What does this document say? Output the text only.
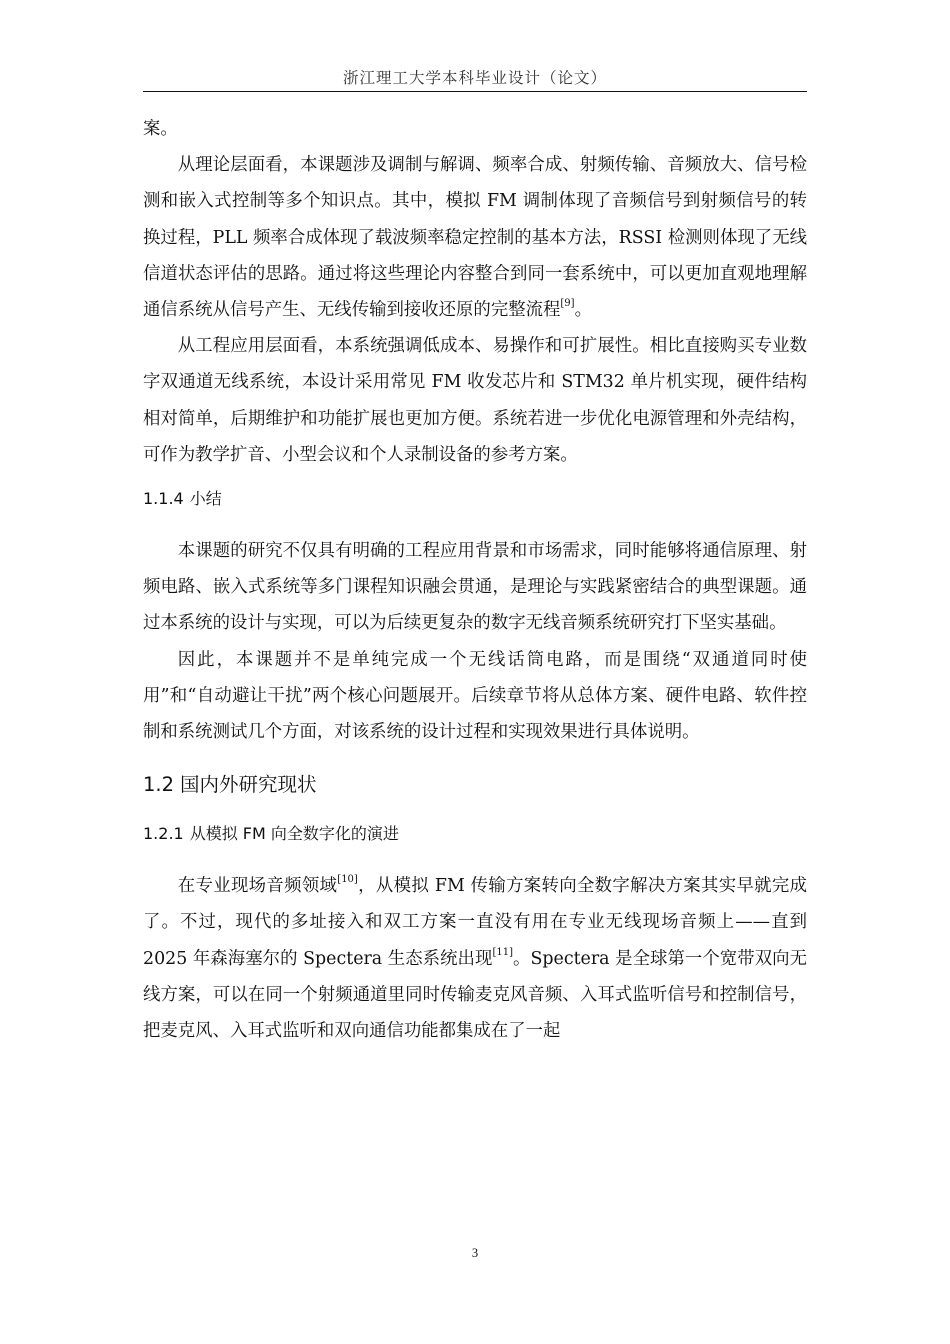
浙江理工大学本科毕业设计（论文）

案。

从理论层面看，本课题涉及调制与解调、频率合成、射频传输、音频放大、信号检测和嵌入式控制等多个知识点。其中，模拟 FM 调制体现了音频信号到射频信号的转换过程，PLL 频率合成体现了载波频率稳定控制的基本方法，RSSI 检测则体现了无线信道状态评估的思路。通过将这些理论内容整合到同一套系统中，可以更加直观地理解通信系统从信号产生、无线传输到接收还原的完整流程[9]。

从工程应用层面看，本系统强调低成本、易操作和可扩展性。相比直接购买专业数字双通道无线系统，本设计采用常见 FM 收发芯片和 STM32 单片机实现，硬件结构相对简单，后期维护和功能扩展也更加方便。系统若进一步优化电源管理和外壳结构，可作为教学扩音、小型会议和个人录制设备的参考方案。

1.1.4 小结

本课题的研究不仅具有明确的工程应用背景和市场需求，同时能够将通信原理、射频电路、嵌入式系统等多门课程知识融会贯通，是理论与实践紧密结合的典型课题。通过本系统的设计与实现，可以为后续更复杂的数字无线音频系统研究打下坚实基础。

因此，本课题并不是单纯完成一个无线话筒电路，而是围绕“双通道同时使用”和“自动避让干扰”两个核心问题展开。后续章节将从总体方案、硬件电路、软件控制和系统测试几个方面，对该系统的设计过程和实现效果进行具体说明。

1.2 国内外研究现状
1.2.1 从模拟 FM 向全数字化的演进

在专业现场音频领域[10]，从模拟 FM 传输方案转向全数字解决方案其实早就完成了。不过，现代的多址接入和双工方案一直没有用在专业无线现场音频上——直到 2025 年森海塞尔的 Spectera 生态系统出现[11]。Spectera 是全球第一个宽带双向无线方案，可以在同一个射频通道里同时传输麦克风音频、入耳式监听信号和控制信号，把麦克风、入耳式监听和双向通信功能都集成在了一起

3
